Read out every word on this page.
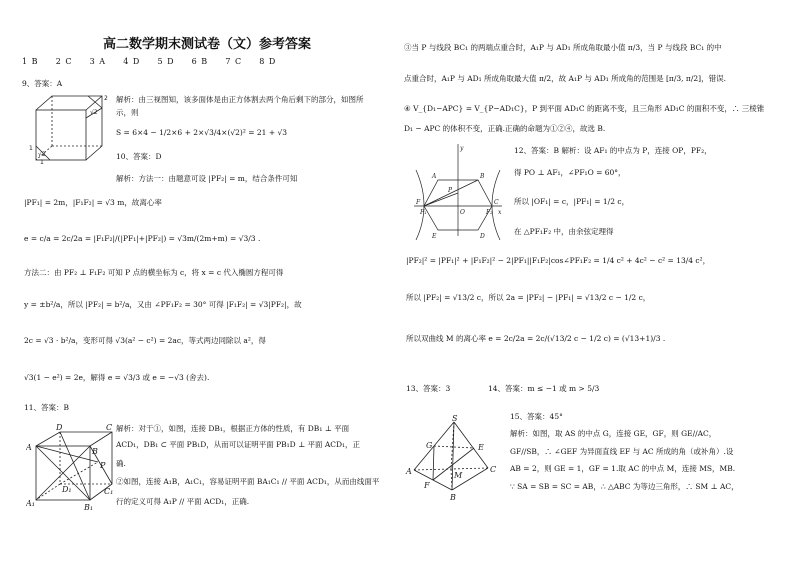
高二数学期末测试卷（文）参考答案
1 B 2 C 3 A 4 D 5 D 6 B 7 C 8 D
9、答案：A
1
2
√2
√2
1
解析：由三视图知，该多面体是由正方体割去两个角后剩下的部分，如图所
示，则
S = 6×4 − 1/2×6 + 2×√3/4×(√2)² = 21 + √3
10、答案：D
解析：方法一：由题意可设 |PF₂| = m，结合条件可知
|PF₁| = 2m，|F₁F₂| = √3 m，故离心率
e = c/a = 2c/2a = |F₁F₂|/(|PF₁|+|PF₂|) = √3m/(2m+m) = √3/3 .
方法二：由 PF₂ ⊥ F₁F₂ 可知 P 点的横坐标为 c，将 x = c 代入椭圆方程可得
y = ±b²/a，所以 |PF₂| = b²/a，又由 ∠PF₁F₂ = 30° 可得 |F₁F₂| = √3|PF₂|，故
2c = √3 · b²/a，变形可得 √3(a² − c²) = 2ac，等式两边同除以 a²，得
√3(1 − e²) = 2e，解得 e = √3/3 或 e = −√3 (舍去).
11、答案：B
A	B
C
D
A₁	B₁
C₁
D₁
P
解析：对于①，如图，连接 DB₁，根据正方体的性质，有 DB₁ ⊥ 平面
ACD₁，DB₁ ⊂ 平面 PB₁D，从而可以证明平面 PB₁D ⊥ 平面 ACD₁，正
确.
②如图，连接 A₁B，A₁C₁，容易证明平面 BA₁C₁ // 平面 ACD₁，从而由线面平
行的定义可得 A₁P // 平面 ACD₁，正确.
③当 P 与线段 BC₁ 的两端点重合时，A₁P 与 AD₁ 所成角取最小值 π/3，当 P 与线段 BC₁ 的中
点重合时，A₁P 与 AD₁ 所成角取最大值 π/2，故 A₁P 与 AD₁ 所成角的范围是 [π/3, π/2]，错误.
④ V_{D₁−APC} = V_{P−AD₁C}，P 到平面 AD₁C 的距离不变，且三角形 AD₁C 的面积不变，∴ 三棱锥
D₁ − APC 的体积不变，正确.正确的命题为①②④，故选 B.
y
x
O
A	B
C
D
E
F
F₁	F₂
P
12、答案：B 解析：设 AF₁ 的中点为 P，连接 OP，PF₂，
得 PO ⊥ AF₁，∠PF₁O = 60°，
所以 |OF₁| = c，|PF₁| = 1/2 c，
在 △PF₁F₂ 中，由余弦定理得
|PF₂|² = |PF₁|² + |F₁F₂|² − 2|PF₁||F₁F₂|cos∠PF₁F₂ = 1/4 c² + 4c² − c² = 13/4 c²，
所以 |PF₂| = √13/2 c，所以 2a = |PF₂| − |PF₁| = √13/2 c − 1/2 c，
所以双曲线 M 的离心率 e = 2c/2a = 2c/(√13/2 c − 1/2 c) = (√13+1)/3 .
13、答案：3	14、答案：m ≤ −1 或 m > 5/3
S
G	E
A	C
M
F
B
15、答案：45°
解析：如图，取 AS 的中点 G，连接 GE，GF，则 GE//AC，
GF//SB，∴ ∠GEF 为异面直线 EF 与 AC 所成的角（或补角）.设
AB = 2，则 GE = 1，GF = 1.取 AC 的中点 M，连接 MS，MB.
∵ SA = SB = SC = AB，∴ △ABC 为等边三角形，∴ SM ⊥ AC，
